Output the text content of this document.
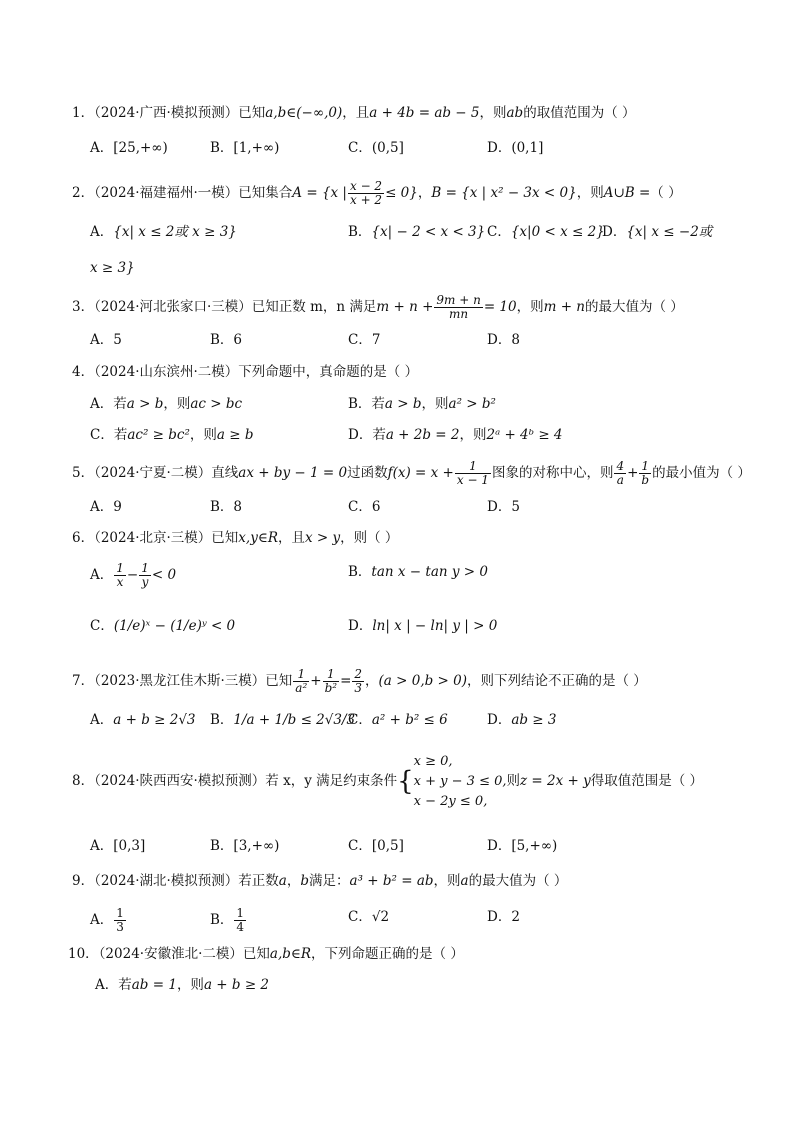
1．（2024·广西·模拟预测）已知a,b∈(−∞,0)，且a + 4b = ab − 5，则ab的取值范围为（ ）
A．[25,+∞)	B．[1,+∞)	C．(0,5]	D．(0,1]
2．（2024·福建福州·一模）已知集合A = {x | $\frac{x - 2}{x + 2} \le 0$}，B = {x | x² − 3x < 0}，则A∪B =（ ）
A．{x| x ≤ 2或 x ≥ 3}	B．{x| − 2 < x < 3} C．{x|0 < x ≤ 2}
D．{x| x ≤ −2或
x ≥ 3}
3．（2024·河北张家口·三模）已知正数 m，n 满足$m + n + \frac{9m + n}{mn} = 10$，则m + n的最大值为（ ）
A．5	B．6	C．7	D．8
4．（2024·山东滨州·二模）下列命题中，真命题的是（ ）
A．若a > b，则ac > bc	B．若a > b，则a² > b²
C．若ac² ≥ bc²，则a ≥ b	D．若a + 2b = 2，则2ᵃ + 4ᵇ ≥ 4
5．（2024·宁夏·二模）直线ax + by − 1 = 0过函数$f(x) = x + \frac{1}{x - 1}$ 图象的对称中心，则 $\frac{4}{a} + \frac{1}{b}$ 的最小值为（ ）
A．9	B．8	C．6	D．5
6．（2024·北京·三模）已知x,y∈R，且x > y，则（ ）
A． $\frac{1}{x} - \frac{1}{y} < 0$	B．tan x − tan y > 0
C．(1/e)ˣ − (1/e)ʸ < 0	D．ln| x | − ln| y | > 0
7．（2023·黑龙江佳木斯·三模）已知 $\frac{1}{\text{a²}} + \frac{1}{\text{b²}} = \frac{2}{3}$ ，(a > 0,b > 0)，则下列结论不正确的是（ ）
A．a + b ≥ 2√3 B．1/a + 1/b ≤ 2√3/3
C．a² + b² ≤ 6	D．ab ≥ 3
8．（2024·陕西西安·模拟预测）若 x，y 满足约束条件{
x ≥ 0,
x + y − 3 ≤ 0,
x − 2y ≤ 0,
则z = 2x + y得取值范围是（ ）
A．[0,3]	B．[3,+∞)	C．[0,5]	D．[5,+∞)
9．（2024·湖北·模拟预测）若正数a，b满足：a³ + b² = ab，则a的最大值为（ ）
A． $\frac{1}{3}$	B． $\frac{1}{4}$	C．√2	D．2
10．（2024·安徽淮北·二模）已知a,b∈R，下列命题正确的是（ ）
A．若ab = 1，则a + b ≥ 2
